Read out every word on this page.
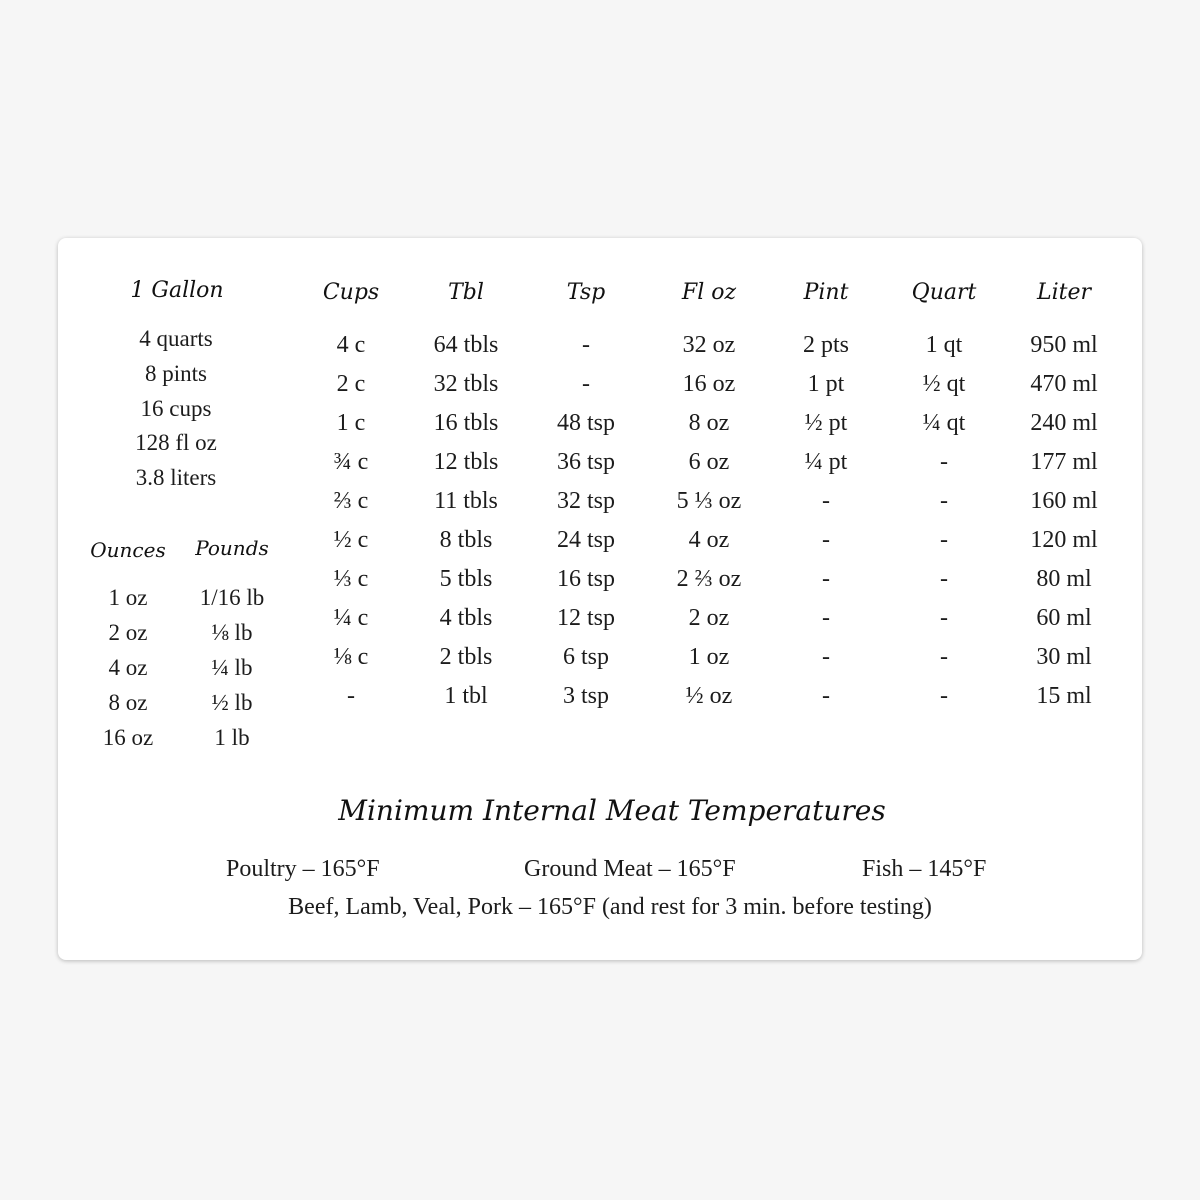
1 Gallon
4 quarts
8 pints
16 cups
128 fl oz
3.8 liters
Ounces Pounds
1 oz 1/16 lb
2 oz	⅛ lb
4 oz	¼ lb
8 oz	½ lb
16 oz	1 lb
Cups	Tbl	Tsp	Fl oz	Pint	Quart	Liter
4 c	64 tbls	-	32 oz	2 pts	1 qt	950 ml
2 c	32 tbls	-	16 oz	1 pt	½ qt	470 ml
1 c	16 tbls 48 tsp	8 oz	½ pt	¼ qt	240 ml
¾ c	12 tbls 36 tsp	6 oz	¼ pt	-	177 ml
⅔ c	11 tbls 32 tsp	5 ⅓ oz	-	-	160 ml
½ c	8 tbls	24 tsp	4 oz	-	-	120 ml
⅓ c	5 tbls	16 tsp	2 ⅔ oz	-	-	80 ml
¼ c	4 tbls	12 tsp	2 oz	-	-	60 ml
⅛ c	2 tbls	6 tsp	1 oz	-	-	30 ml
-	1 tbl	3 tsp	½ oz	-	-	15 ml
Minimum Internal Meat Temperatures
Poultry – 165°F	Ground Meat – 165°F	Fish – 145°F
Beef, Lamb, Veal, Pork – 165°F (and rest for 3 min. before testing)
